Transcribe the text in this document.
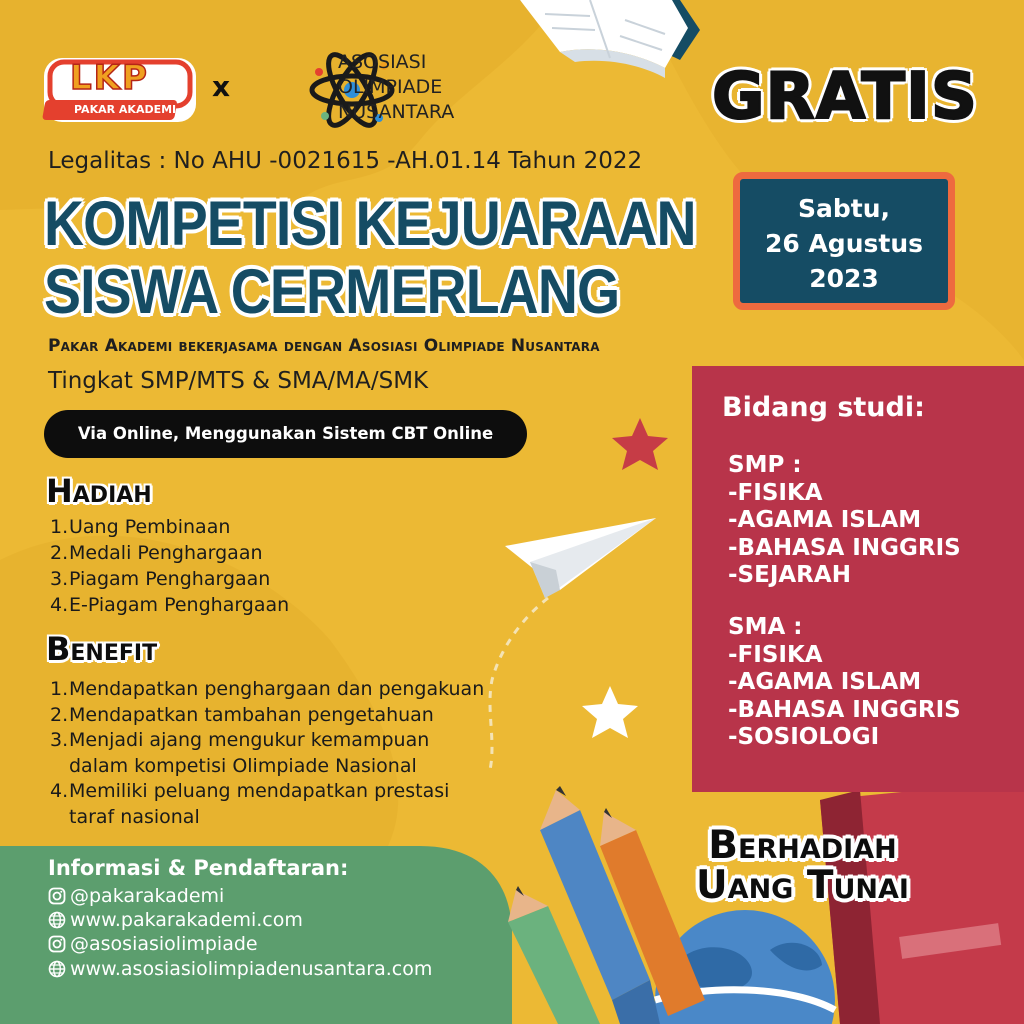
LKP
PAKAR AKADEMI
x
ASOSIASI
OLIMPIADE
NUSANTARA	GRATIS
Legalitas : No AHU -0021615 -AH.01.14 Tahun 2022
KOMPETISI KEJUARAAN
SISWA CERMERLANG
Sabtu,
26 Agustus
2023
Pakar Akademi bekerjasama dengan Asosiasi Olimpiade Nusantara
Tingkat SMP/MTS & SMA/MA/SMK
Via Online, Menggunakan Sistem CBT Online
Hadiah
1.Uang Pembinaan
2.Medali Penghargaan
3.Piagam Penghargaan
4.E-Piagam Penghargaan
Benefit
1.Mendapatkan penghargaan dan pengakuan
2.Mendapatkan tambahan pengetahuan
3.Menjadi ajang mengukur kemampuan
dalam kompetisi Olimpiade Nasional
4.Memiliki peluang mendapatkan prestasi
taraf nasional
Bidang studi:
SMP :
-FISIKA
-AGAMA ISLAM
-BAHASA INGGRIS
-SEJARAH
SMA :
-FISIKA
-AGAMA ISLAM
-BAHASA INGGRIS
-SOSIOLOGI
Berhadiah
Uang Tunai
Informasi & Pendaftaran:
@pakarakademi
www.pakarakademi.com
@asosiasiolimpiade
www.asosiasiolimpiadenusantara.com
